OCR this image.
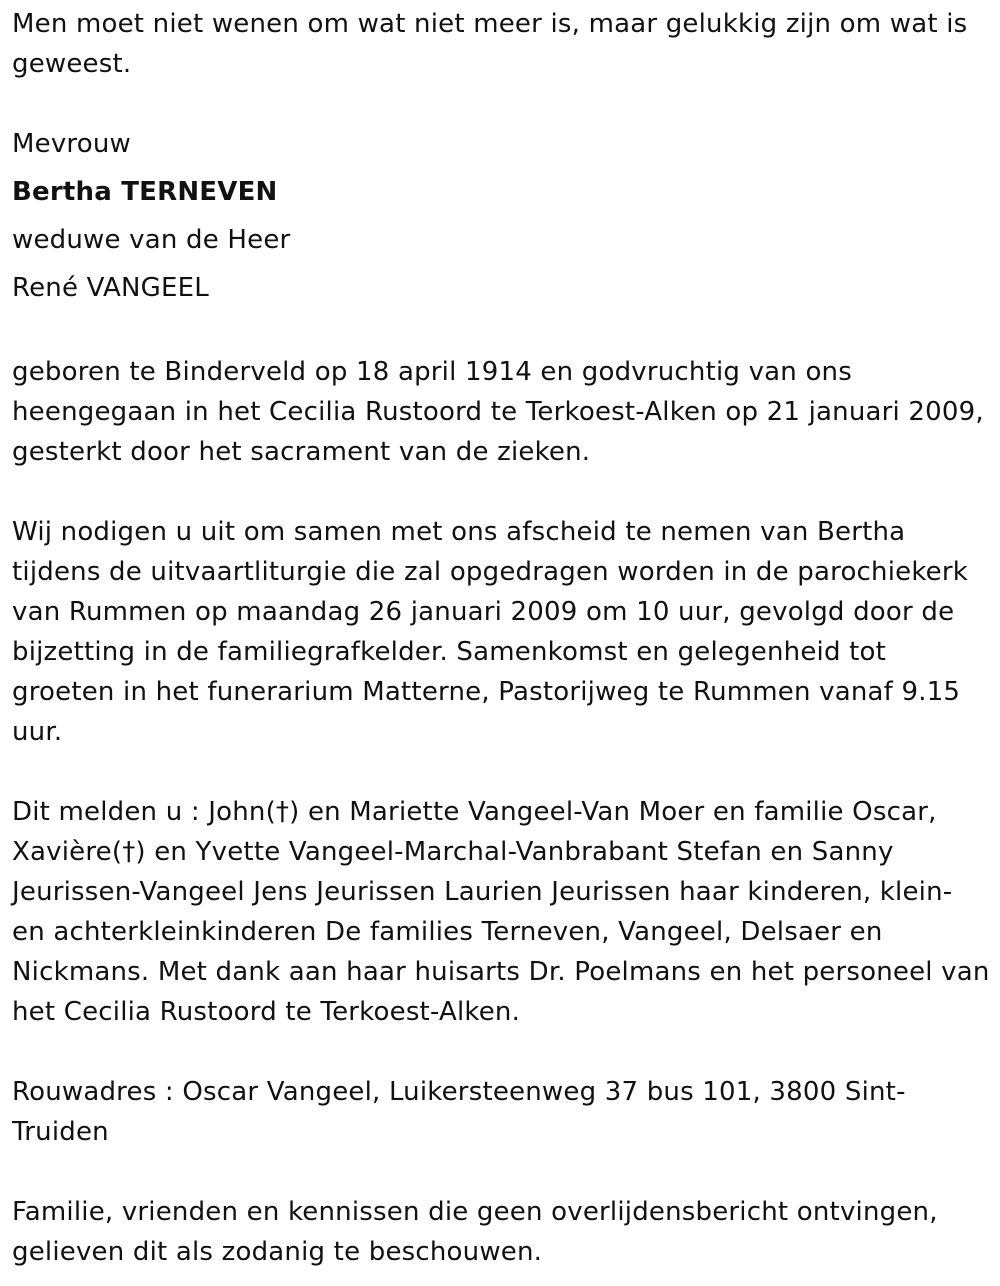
Men moet niet wenen om wat niet meer is, maar gelukkig zijn om wat is geweest.

Mevrouw

Bertha TERNEVEN

weduwe van de Heer

René VANGEEL

geboren te Binderveld op 18 april 1914 en godvruchtig van ons heengegaan in het Cecilia Rustoord te Terkoest-Alken op 21 januari 2009, gesterkt door het sacrament van de zieken.

Wij nodigen u uit om samen met ons afscheid te nemen van Bertha tijdens de uitvaartliturgie die zal opgedragen worden in de parochiekerk van Rummen op maandag 26 januari 2009 om 10 uur, gevolgd door de bijzetting in de familiegrafkelder. Samenkomst en gelegenheid tot groeten in het funerarium Matterne, Pastorijweg te Rummen vanaf 9.15 uur.

Dit melden u : John(†) en Mariette Vangeel-Van Moer en familie Oscar, Xavière(†) en Yvette Vangeel-Marchal-Vanbrabant Stefan en Sanny Jeurissen-Vangeel Jens Jeurissen Laurien Jeurissen haar kinderen, klein- en achterkleinkinderen De families Terneven, Vangeel, Delsaer en Nickmans. Met dank aan haar huisarts Dr. Poelmans en het personeel van het Cecilia Rustoord te Terkoest-Alken.

Rouwadres : Oscar Vangeel, Luikersteenweg 37 bus 101, 3800 Sint-Truiden

Familie, vrienden en kennissen die geen overlijdensbericht ontvingen, gelieven dit als zodanig te beschouwen.
